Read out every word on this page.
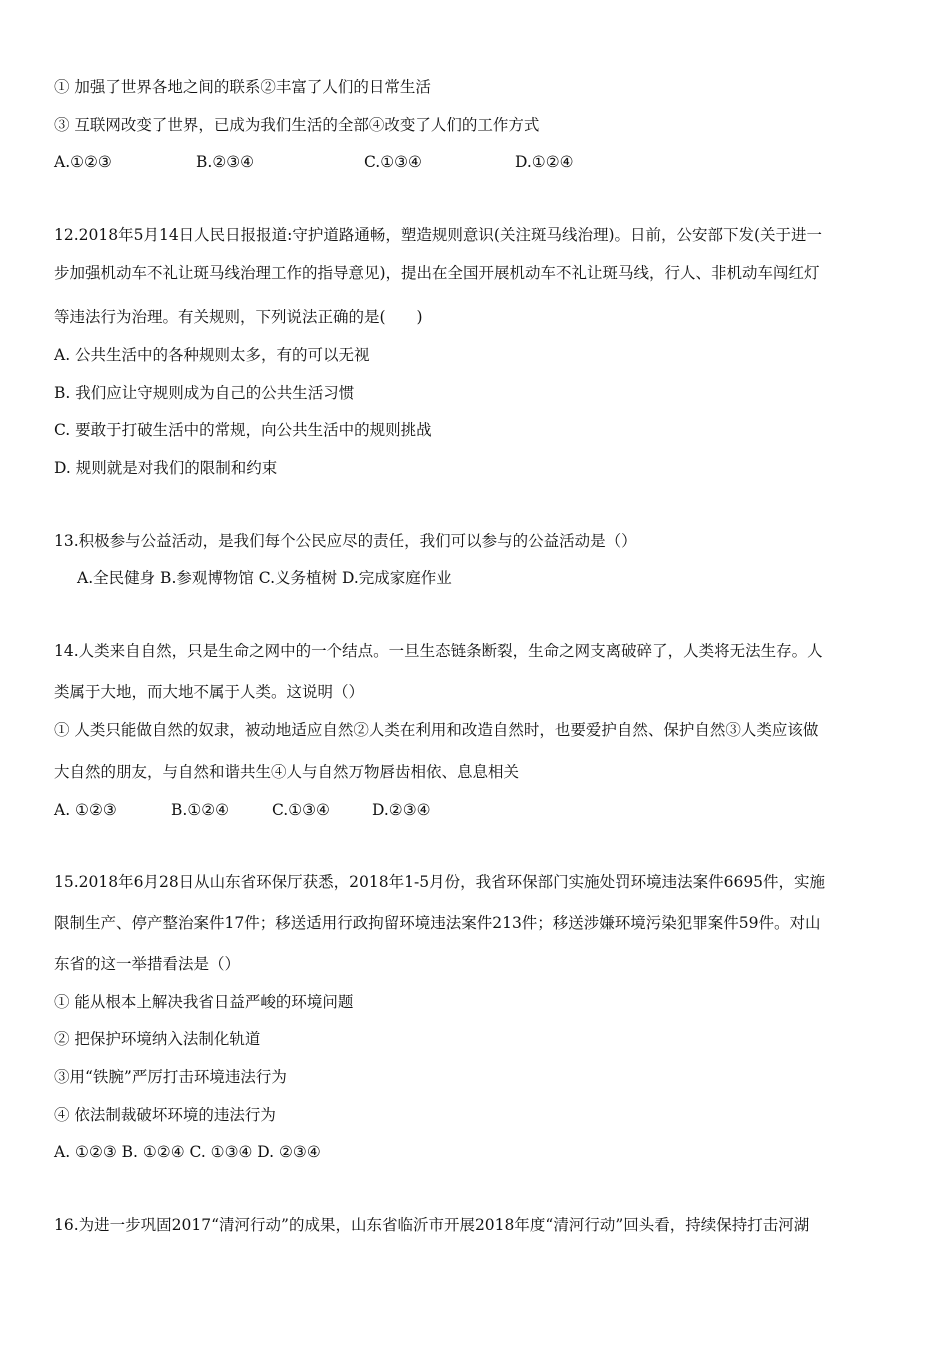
① 加强了世界各地之间的联系②丰富了人们的日常生活
③ 互联网改变了世界，已成为我们生活的全部④改变了人们的工作方式
A.①②③	B.②③④	C.①③④	D.①②④
12.2018年5月14日人民日报报道:守护道路通畅，塑造规则意识(关注斑马线治理)。日前，公安部下发(关于进一
步加强机动车不礼让斑马线治理工作的指导意见)，提出在全国开展机动车不礼让斑马线，行人、非机动车闯红灯
等违法行为治理。有关规则，下列说法正确的是(　　)
A. 公共生活中的各种规则太多，有的可以无视
B. 我们应让守规则成为自己的公共生活习惯
C. 要敢于打破生活中的常规，向公共生活中的规则挑战
D. 规则就是对我们的限制和约束
13.积极参与公益活动，是我们每个公民应尽的责任，我们可以参与的公益活动是（）
A.全民健身 B.参观博物馆 C.义务植树 D.完成家庭作业
14.人类来自自然，只是生命之网中的一个结点。一旦生态链条断裂，生命之网支离破碎了，人类将无法生存。人
类属于大地，而大地不属于人类。这说明（）
① 人类只能做自然的奴隶，被动地适应自然②人类在利用和改造自然时，也要爱护自然、保护自然③人类应该做
大自然的朋友，与自然和谐共生④人与自然万物唇齿相依、息息相关
A. ①②③	B.①②④	C.①③④	D.②③④
15.2018年6月28日从山东省环保厅获悉，2018年1-5月份，我省环保部门实施处罚环境违法案件6695件，实施
限制生产、停产整治案件17件；移送适用行政拘留环境违法案件213件；移送涉嫌环境污染犯罪案件59件。对山
东省的这一举措看法是（）
① 能从根本上解决我省日益严峻的环境问题
② 把保护环境纳入法制化轨道
③用“铁腕”严厉打击环境违法行为
④ 依法制裁破坏环境的违法行为
A. ①②③ B. ①②④ C. ①③④ D. ②③④
16.为进一步巩固2017“清河行动”的成果，山东省临沂市开展2018年度“清河行动”回头看，持续保持打击河湖
